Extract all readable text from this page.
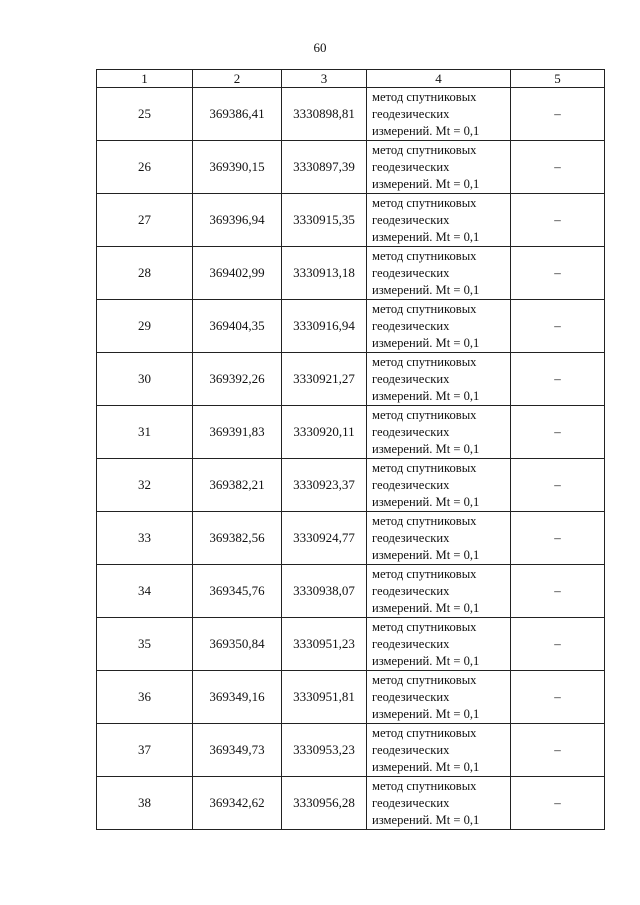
60
1	2	3	4	5
25	369386,41	3330898,81	метод спутниковых
геодезических
измерений. Mt = 0,1	–
26	369390,15	3330897,39	метод спутниковых
геодезических
измерений. Mt = 0,1	–
27	369396,94	3330915,35	метод спутниковых
геодезических
измерений. Mt = 0,1	–
28	369402,99	3330913,18	метод спутниковых
геодезических
измерений. Mt = 0,1	–
29	369404,35	3330916,94	метод спутниковых
геодезических
измерений. Mt = 0,1	–
30	369392,26	3330921,27	метод спутниковых
геодезических
измерений. Mt = 0,1	–
31	369391,83	3330920,11	метод спутниковых
геодезических
измерений. Mt = 0,1	–
32	369382,21	3330923,37	метод спутниковых
геодезических
измерений. Mt = 0,1	–
33	369382,56	3330924,77	метод спутниковых
геодезических
измерений. Mt = 0,1	–
34	369345,76	3330938,07	метод спутниковых
геодезических
измерений. Mt = 0,1	–
35	369350,84	3330951,23	метод спутниковых
геодезических
измерений. Mt = 0,1	–
36	369349,16	3330951,81	метод спутниковых
геодезических
измерений. Mt = 0,1	–
37	369349,73	3330953,23	метод спутниковых
геодезических
измерений. Mt = 0,1	–
38	369342,62	3330956,28	метод спутниковых
геодезических
измерений. Mt = 0,1	–
